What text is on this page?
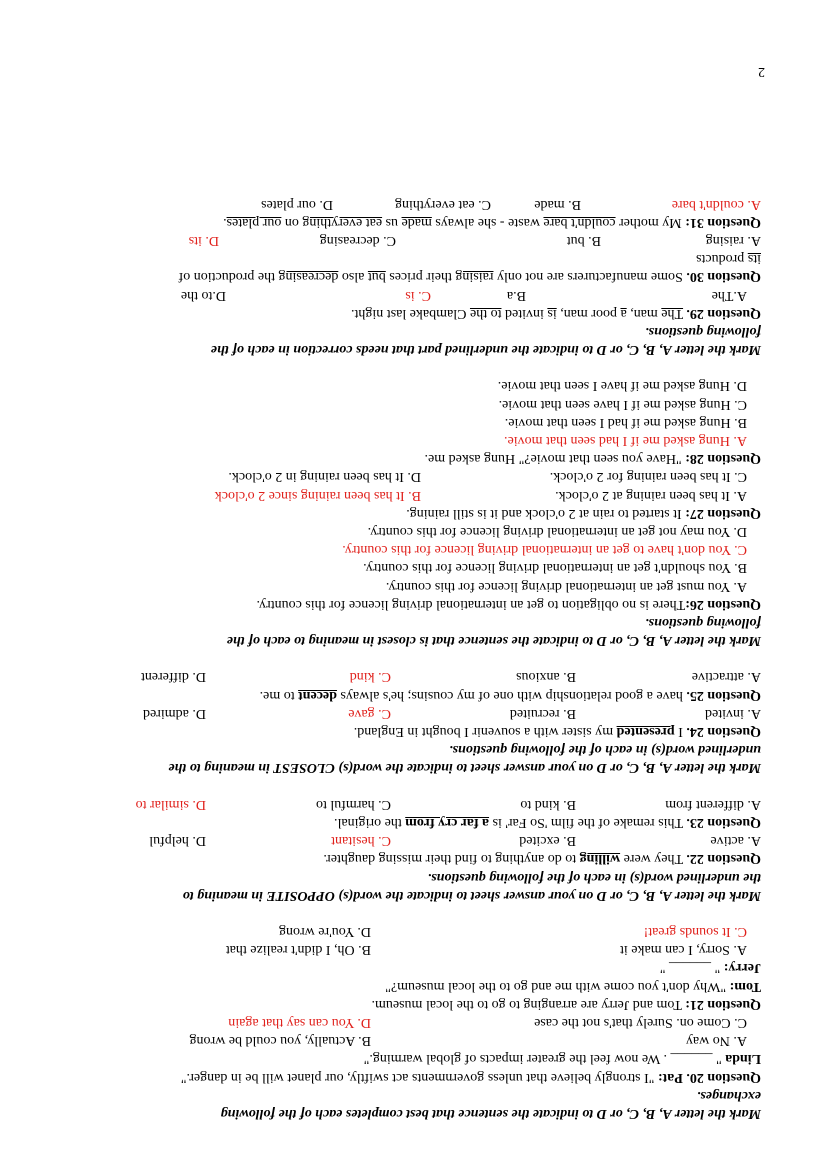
Mark the letter A, B, C, or D to indicate the sentence that best completes each of the following
exchanges.
Question 20. Pat: "I strongly believe that unless governments act swiftly, our planet will be in danger."
Linda " ______ . We now feel the greater impacts of global warming."
A. No way
B. Actually, you could be wrong
C. Come on. Surely that's not the case
D. You can say that again
Question 21: Tom and Jerry are arranging to go to the local museum.
Tom: "Why don't you come with me and go to the local museum?"
Jerry: " ______ "
A. Sorry, I can make it
B. Oh, I didn't realize that
C. It sounds great!
D. You're wrong
Mark the letter A, B, C, or D on your answer sheet to indicate the word(s) OPPOSITE in meaning to
the underlined word(s) in each of the following questions.
Question 22. They were willing to do anything to find their missing daughter.
A. active
B. excited
C. hesitant
D. helpful
Question 23. This remake of the film 'So Far' is a far cry from the original.
A. different from
B. kind to
C. harmful to
D. similar to
Mark the letter A, B, C, or D on your answer sheet to indicate the word(s) CLOSEST in meaning to the
underlined word(s) in each of the following questions.
Question 24. I presented my sister with a souvenir I bought in England.
A. invited
B. recruited
C. gave
D. admired
Question 25. have a good relationship with one of my cousins; he's always decent to me.
A. attractive
B. anxious
C. kind
D. different
Mark the letter A, B, C, or D to indicate the sentence that is closest in meaning to each of the
following questions.
Question 26:There is no obligation to get an international driving licence for this country.
A. You must get an international driving licence for this country.
B. You shouldn't get an international driving licence for this country.
C. You don't have to get an international driving licence for this country.
D. You may not get an international driving licence for this country.
Question 27: It started to rain at 2 o'clock and it is still raining.
A. It has been raining at 2 o'clock.
B. It has been raining since 2 o'clock
C. It has been raining for 2 o'clock.
D. It has been raining in 2 o'clock.
Question 28: "Have you seen that movie?" Hung asked me.
A. Hung asked me if I had seen that movie.
B. Hung asked me if had I seen that movie.
C. Hung asked me if I have seen that movie.
D. Hung asked me if have I seen that movie.
Mark the letter A, B, C, or D to indicate the underlined part that needs correction in each of the
following questions.
Question 29. The man, a poor man, is invited to the Clambake last night.
A.The
B.a
C. is
D.to the
Question 30. Some manufacturers are not only raising their prices but also decreasing the production of
its products
A. raising
B. but
C. decreasing
D. its
Question 31: My mother couldn't bare waste - she always made us eat everything on our plates.
A. couldn't bare
B. made
C. eat everything
D. our plates
2
